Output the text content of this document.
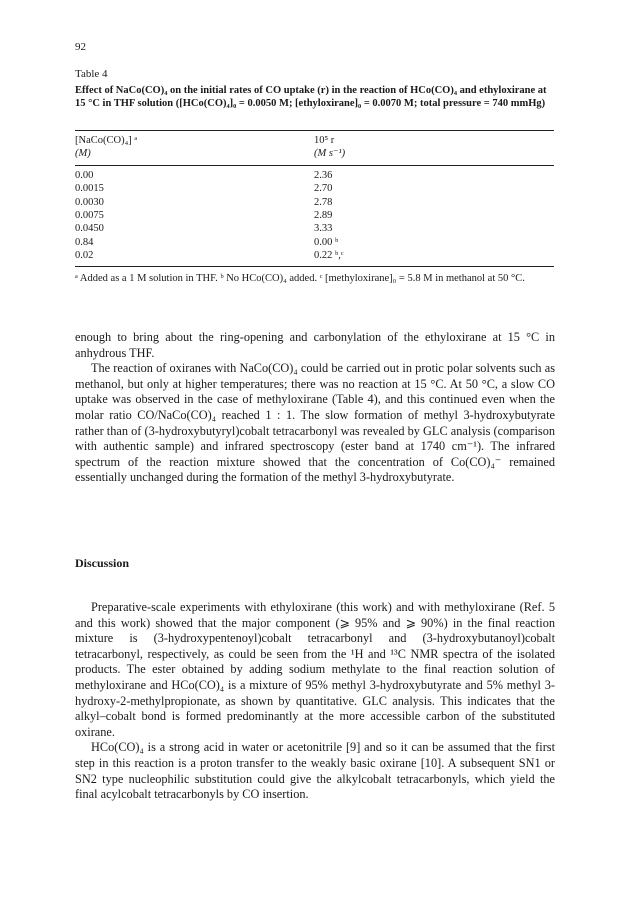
92
Table 4
Effect of NaCo(CO)₄ on the initial rates of CO uptake (r) in the reaction of HCo(CO)₄ and ethyloxirane at 15 °C in THF solution ([HCo(CO)₄]₀ = 0.0050 M; [ethyloxirane]₀ = 0.0070 M; total pressure = 740 mmHg)
[NaCo(CO)₄] ᵃ
(M)
10⁵ r
(M s⁻¹)
0.00	2.36
0.0015	2.70
0.0030	2.78
0.0075	2.89
0.0450	3.33
0.84	0.00 ᵇ
0.02	0.22 ᵇ,ᶜ
ᵃ Added as a 1 M solution in THF. ᵇ No HCo(CO)₄ added. ᶜ [methyloxirane]₀ = 5.8 M in methanol at 50 °C.

enough to bring about the ring-opening and carbonylation of the ethyloxirane at 15 °C in anhydrous THF.

The reaction of oxiranes with NaCo(CO)₄ could be carried out in protic polar solvents such as methanol, but only at higher temperatures; there was no reaction at 15 °C. At 50 °C, a slow CO uptake was observed in the case of methyloxirane (Table 4), and this continued even when the molar ratio CO/NaCo(CO)₄ reached 1 : 1. The slow formation of methyl 3-hydroxybutyrate rather than of (3-hydroxybutyryl)cobalt tetracarbonyl was revealed by GLC analysis (comparison with authentic sample) and infrared spectroscopy (ester band at 1740 cm⁻¹). The infrared spectrum of the reaction mixture showed that the concentration of Co(CO)₄⁻ remained essentially unchanged during the formation of the methyl 3-hydroxybutyrate.

Discussion

Preparative-scale experiments with ethyloxirane (this work) and with methyloxirane (Ref. 5 and this work) showed that the major component (⩾ 95% and ⩾ 90%) in the final reaction mixture is (3-hydroxypentenoyl)cobalt tetracarbonyl and (3-hydroxybutanoyl)cobalt tetracarbonyl, respectively, as could be seen from the ¹H and ¹³C NMR spectra of the isolated products. The ester obtained by adding sodium methylate to the final reaction solution of methyloxirane and HCo(CO)₄ is a mixture of 95% methyl 3-hydroxybutyrate and 5% methyl 3-hydroxy-2-methylpropionate, as shown by quantitative. GLC analysis. This indicates that the alkyl–cobalt bond is formed predominantly at the more accessible carbon of the substituted oxirane.

HCo(CO)₄ is a strong acid in water or acetonitrile [9] and so it can be assumed that the first step in this reaction is a proton transfer to the weakly basic oxirane [10]. A subsequent SN1 or SN2 type nucleophilic substitution could give the alkylcobalt tetracarbonyls, which yield the final acylcobalt tetracarbonyls by CO insertion.
